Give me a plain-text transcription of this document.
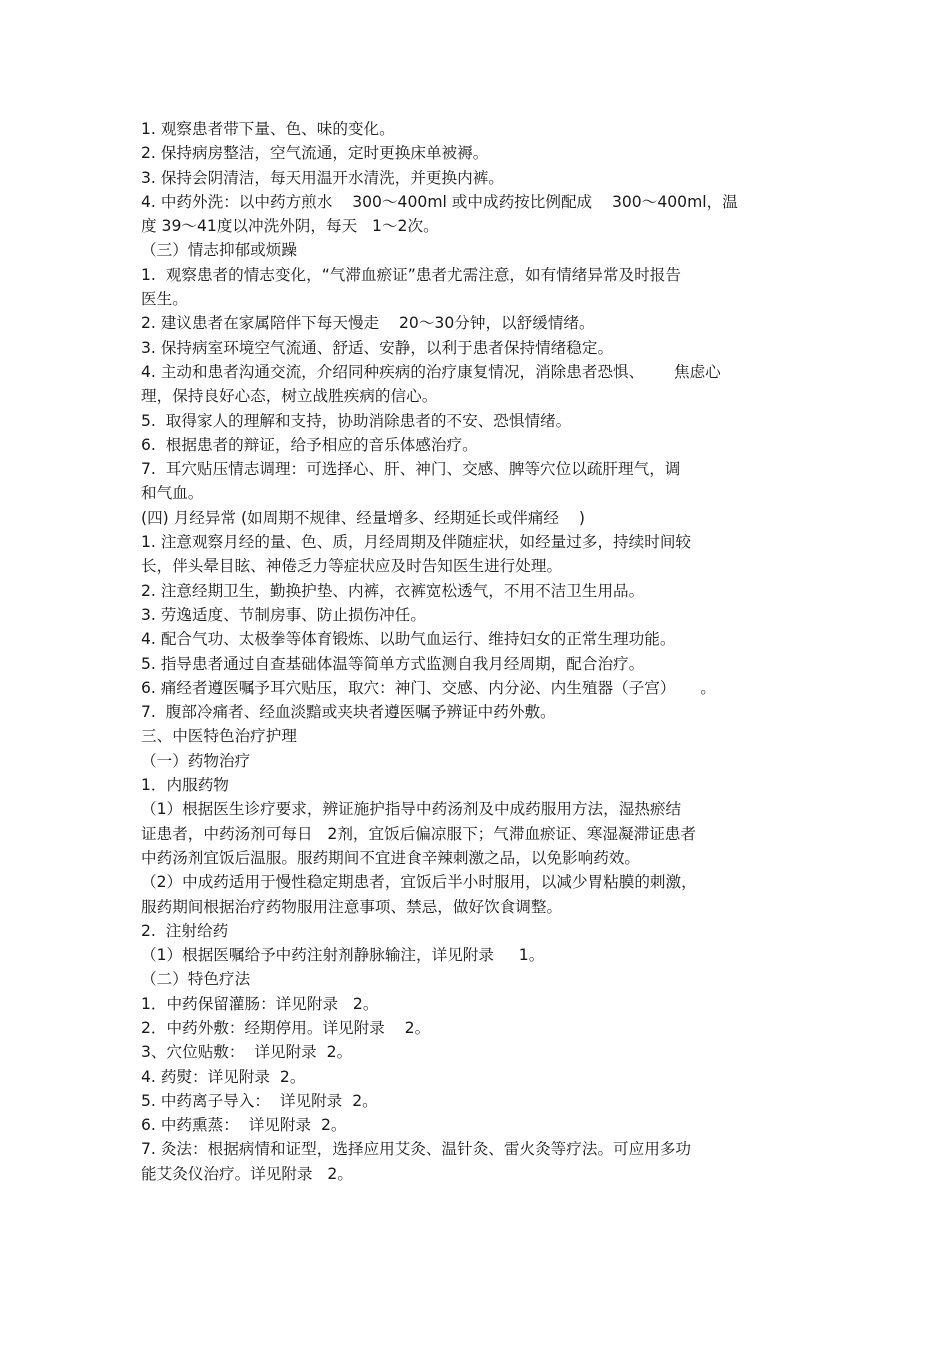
1. 观察患者带下量、色、味的变化。
2. 保持病房整洁，空气流通，定时更换床单被褥。
3. 保持会阴清洁，每天用温开水清洗，并更换内裤。
4. 中药外洗：以中药方煎水    300～400ml 或中成药按比例配成    300～400ml，温
度 39～41度以冲洗外阴，每天   1～2次。
（三）情志抑郁或烦躁
1.  观察患者的情志变化，“气滞血瘀证”患者尤需注意，如有情绪异常及时报告
医生。
2. 建议患者在家属陪伴下每天慢走    20～30分钟，以舒缓情绪。
3. 保持病室环境空气流通、舒适、安静，以利于患者保持情绪稳定。
4. 主动和患者沟通交流，介绍同种疾病的治疗康复情况，消除患者恐惧、      焦虑心
理，保持良好心态，树立战胜疾病的信心。
5.  取得家人的理解和支持，协助消除患者的不安、恐惧情绪。
6.  根据患者的辩证，给予相应的音乐体感治疗。
7.  耳穴贴压情志调理：可选择心、肝、神门、交感、脾等穴位以疏肝理气，调
和气血。
(四) 月经异常 (如周期不规律、经量增多、经期延长或伴痛经    )
1. 注意观察月经的量、色、质，月经周期及伴随症状，如经量过多，持续时间较
长，伴头晕目眩、神倦乏力等症状应及时告知医生进行处理。
2. 注意经期卫生，勤换护垫、内裤，衣裤宽松透气，不用不洁卫生用品。
3. 劳逸适度、节制房事、防止损伤冲任。
4. 配合气功、太极拳等体育锻炼、以助气血运行、维持妇女的正常生理功能。
5. 指导患者通过自查基础体温等简单方式监测自我月经周期，配合治疗。
6. 痛经者遵医嘱予耳穴贴压，取穴：神门、交感、内分泌、内生殖器（子宫）     。
7.  腹部冷痛者、经血淡黯或夹块者遵医嘱予辨证中药外敷。
三、中医特色治疗护理
（一）药物治疗
1．内服药物
（1）根据医生诊疗要求，辨证施护指导中药汤剂及中成药服用方法，湿热瘀结
证患者，中药汤剂可每日   2剂，宜饭后偏凉服下；气滞血瘀证、寒湿凝滞证患者
中药汤剂宜饭后温服。服药期间不宜进食辛辣刺激之品，以免影响药效。
（2）中成药适用于慢性稳定期患者，宜饭后半小时服用，以减少胃粘膜的刺激，
服药期间根据治疗药物服用注意事项、禁忌，做好饮食调整。
2.  注射给药
（1）根据医嘱给予中药注射剂静脉输注，详见附录     1。
（二）特色疗法
1．中药保留灌肠：详见附录   2。
2．中药外敷：经期停用。详见附录    2。
3、穴位贴敷：  详见附录  2。
4. 药熨：详见附录  2。
5. 中药离子导入：  详见附录  2。
6. 中药熏蒸：  详见附录  2。
7. 灸法：根据病情和证型，选择应用艾灸、温针灸、雷火灸等疗法。可应用多功
能艾灸仪治疗。详见附录   2。
